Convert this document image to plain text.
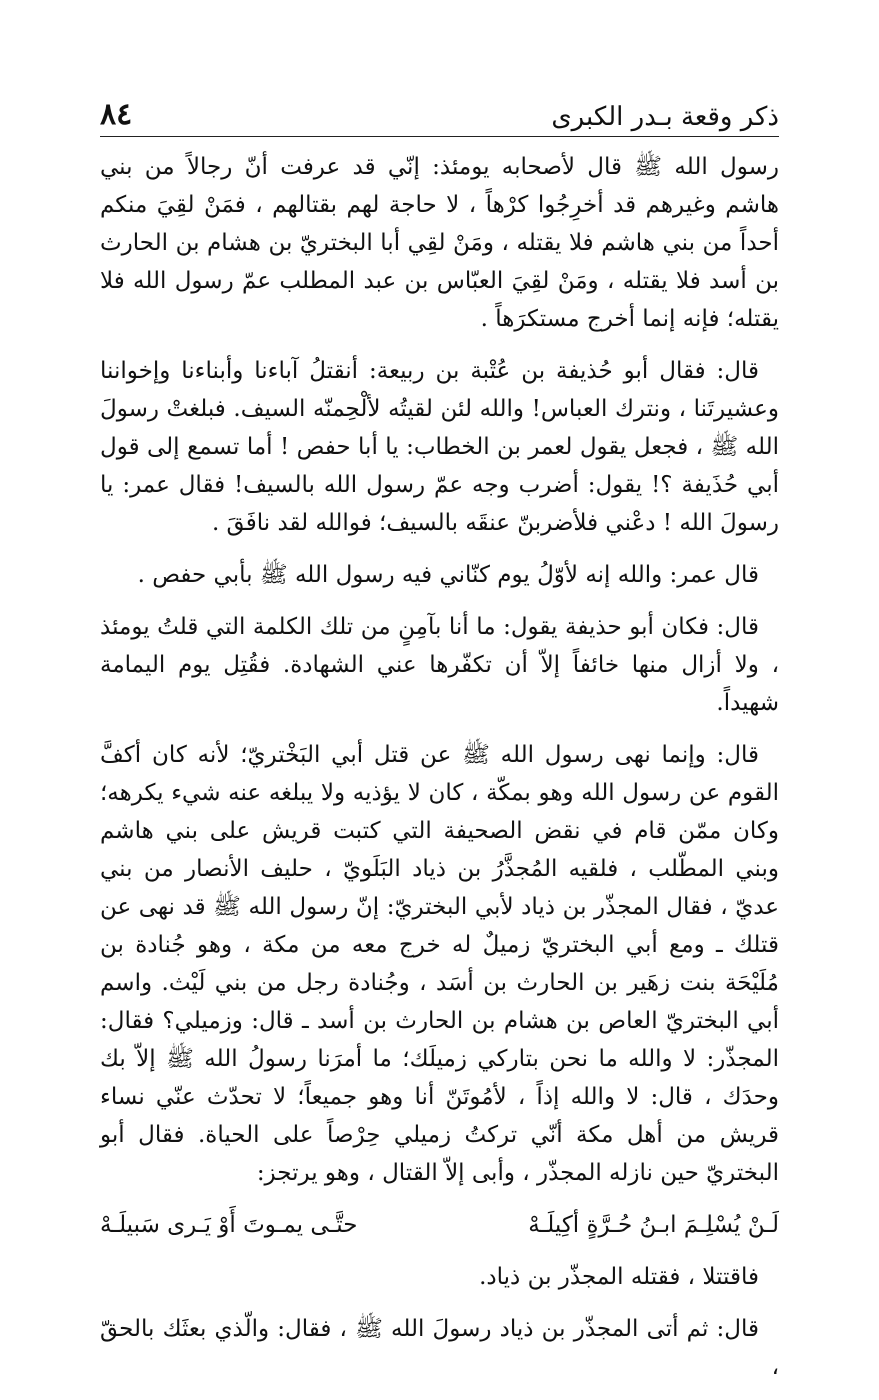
٨٤	ذكر وقعة بـدر الكبرى

رسول الله ﷺ قال لأصحابه يومئذ: إنّي قد عرفت أنّ رجالاً من بني هاشم وغيرهم قد أخرِجُوا كرْهاً ، لا حاجة لهم بقتالهم ، فمَنْ لقِيَ منكم أحداً من بني هاشم فلا يقتله ، ومَنْ لقِي أبا البختريّ بن هشام بن الحارث بن أسد فلا يقتله ، ومَنْ لقِيَ العبّاس بن عبد المطلب عمّ رسول الله فلا يقتله؛ فإنه إنما أخرج مستكرَهاً .

قال: فقال أبو حُذيفة بن عُتْبة بن ربيعة: أنقتلُ آباءنا وأبناءنا وإخواننا وعشيرتَنا ، ونترك العباس! والله لئن لقيتُه لألْحِمنّه السيف. فبلغتْ رسولَ الله ﷺ ، فجعل يقول لعمر بن الخطاب: يا أبا حفص ! أما تسمع إلى قول أبي حُذَيفة ؟! يقول: أضرب وجه عمّ رسول الله بالسيف! فقال عمر: يا رسولَ الله ! دعْني فلأضربنّ عنقَه بالسيف؛ فوالله لقد نافَقَ .

قال عمر: والله إنه لأوّلُ يوم كنّاني فيه رسول الله ﷺ بأبي حفص .

قال: فكان أبو حذيفة يقول: ما أنا بآمِنٍ من تلك الكلمة التي قلتُ يومئذ ، ولا أزال منها خائفاً إلاّ أن تكفّرها عني الشهادة. فقُتِل يوم اليمامة شهيداً.

قال: وإنما نهى رسول الله ﷺ عن قتل أبي البَخْتريّ؛ لأنه كان أكفَّ القوم عن رسول الله وهو بمكّة ، كان لا يؤذيه ولا يبلغه عنه شيء يكرهه؛ وكان ممّن قام في نقض الصحيفة التي كتبت قريش على بني هاشم وبني المطّلب ، فلقيه المُجذَّرُ بن ذياد البَلَويّ ، حليف الأنصار من بني عديّ ، فقال المجذّر بن ذياد لأبي البختريّ: إنّ رسول الله ﷺ قد نهى عن قتلك ـ ومع أبي البختريّ زميلٌ له خرج معه من مكة ، وهو جُنادة بن مُلَيْحَة بنت زهَير بن الحارث بن أسَد ، وجُنادة رجل من بني لَيْث. واسم أبي البختريّ العاص بن هشام بن الحارث بن أسد ـ قال: وزميلي؟ فقال: المجذّر: لا والله ما نحن بتاركي زميلَك؛ ما أمرَنا رسولُ الله ﷺ إلاّ بك وحدَك ، قال: لا والله إذاً ، لأمُوتَنّ أنا وهو جميعاً؛ لا تحدّث عنّي نساء قريش من أهل مكة أنّي تركتُ زميلي حِرْصاً على الحياة. فقال أبو البختريّ حين نازله المجذّر ، وأبى إلاّ القتال ، وهو يرتجز:

لَـنْ يُسْلِـمَ ابـنُ حُـرَّةٍ أكِيلَـهْ
حتَّـى يمـوتَ أَوْ يَـرى سَبيلَـهْ

فاقتتلا ، فقتله المجذّر بن ذياد.

قال: ثم أتى المجذّر بن ذياد رسولَ الله ﷺ ، فقال: والّذي بعثَك بالحقّ ،
